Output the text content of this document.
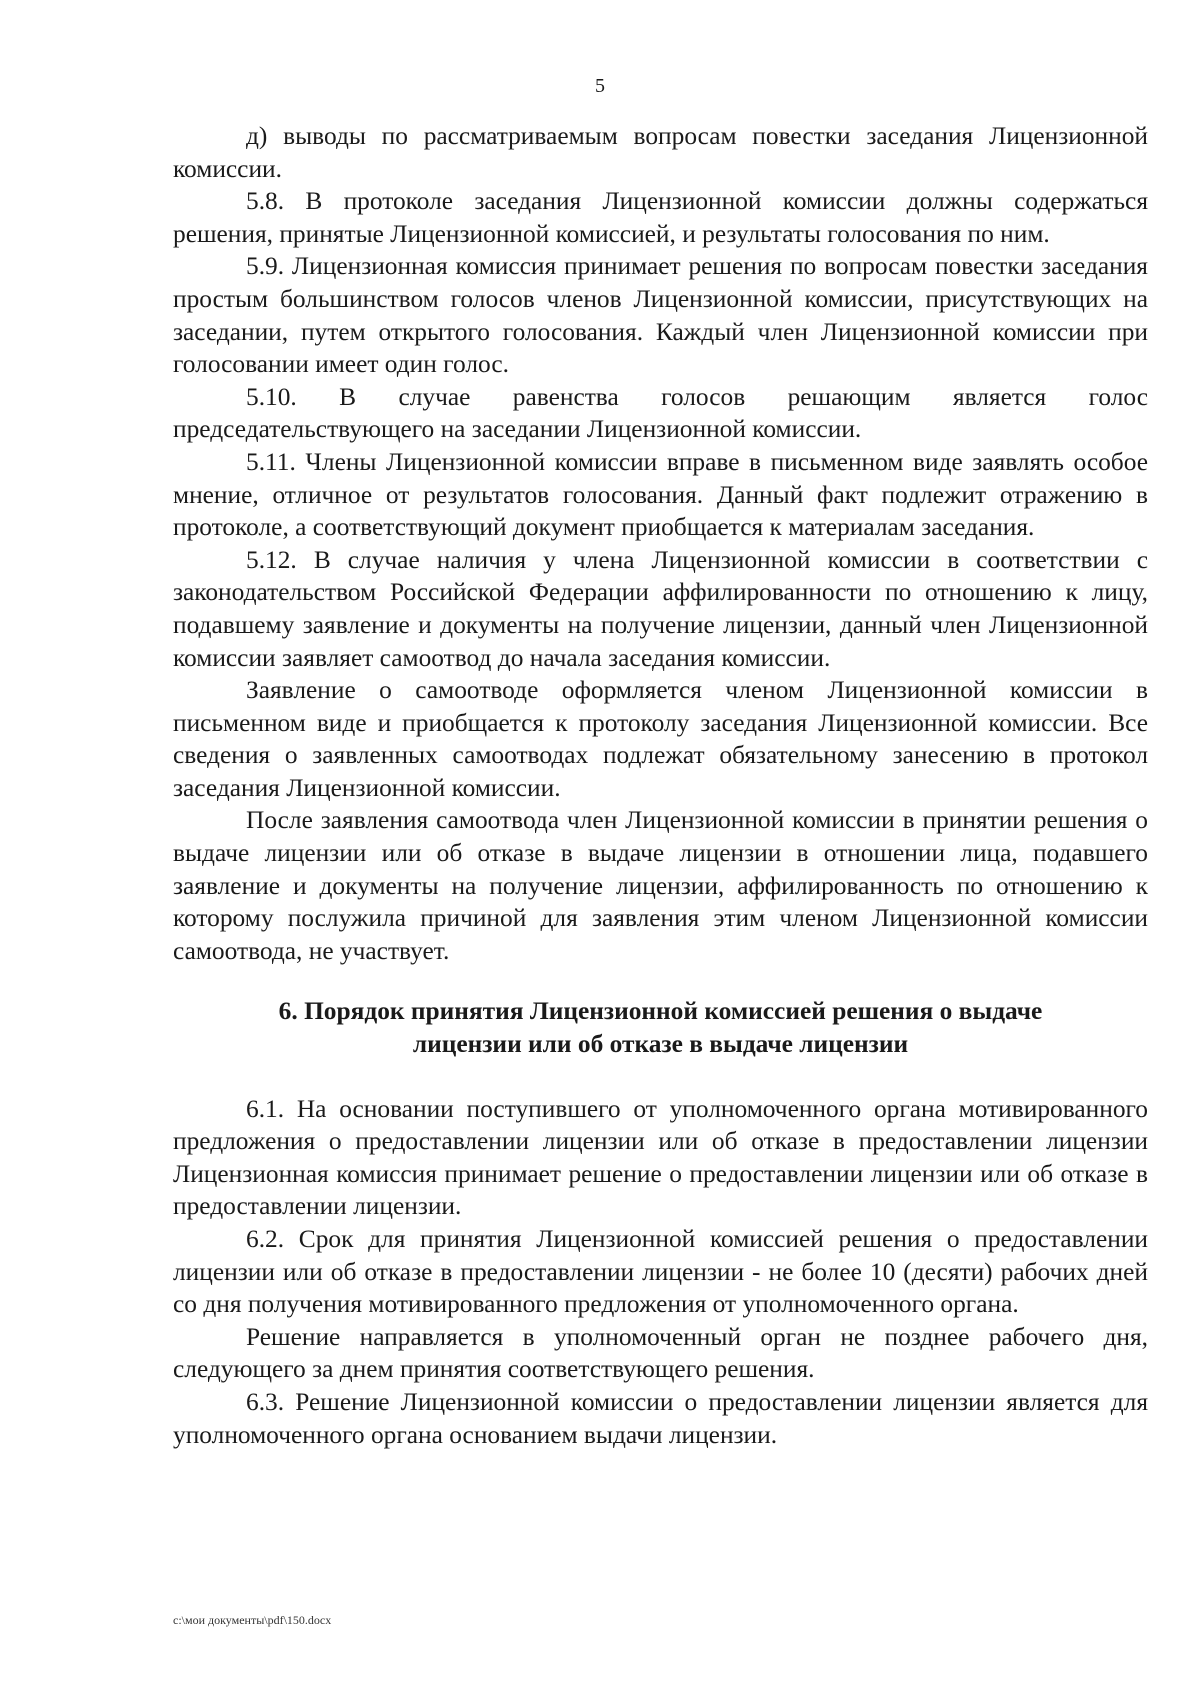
5

д) выводы по рассматриваемым вопросам повестки заседания Лицензионной комиссии.

5.8. В протоколе заседания Лицензионной комиссии должны содержаться решения, принятые Лицензионной комиссией, и результаты голосования по ним.

5.9. Лицензионная комиссия принимает решения по вопросам повестки заседания простым большинством голосов членов Лицензионной комиссии, присутствующих на заседании, путем открытого голосования. Каждый член Лицензионной комиссии при голосовании имеет один голос.

5.10. В случае равенства голосов решающим является голос председательствующего на заседании Лицензионной комиссии.

5.11. Члены Лицензионной комиссии вправе в письменном виде заявлять особое мнение, отличное от результатов голосования. Данный факт подлежит отражению в протоколе, а соответствующий документ приобщается к материалам заседания.

5.12. В случае наличия у члена Лицензионной комиссии в соответствии с законодательством Российской Федерации аффилированности по отношению к лицу, подавшему заявление и документы на получение лицензии, данный член Лицензионной комиссии заявляет самоотвод до начала заседания комиссии.

Заявление о самоотводе оформляется членом Лицензионной комиссии в письменном виде и приобщается к протоколу заседания Лицензионной комиссии. Все сведения о заявленных самоотводах подлежат обязательному занесению в протокол заседания Лицензионной комиссии.

После заявления самоотвода член Лицензионной комиссии в принятии решения о выдаче лицензии или об отказе в выдаче лицензии в отношении лица, подавшего заявление и документы на получение лицензии, аффилированность по отношению к которому послужила причиной для заявления этим членом Лицензионной комиссии самоотвода, не участвует.

6. Порядок принятия Лицензионной комиссией решения о выдаче лицензии или об отказе в выдаче лицензии

6.1. На основании поступившего от уполномоченного органа мотивированного предложения о предоставлении лицензии или об отказе в предоставлении лицензии Лицензионная комиссия принимает решение о предоставлении лицензии или об отказе в предоставлении лицензии.

6.2. Срок для принятия Лицензионной комиссией решения о предоставлении лицензии или об отказе в предоставлении лицензии - не более 10 (десяти) рабочих дней со дня получения мотивированного предложения от уполномоченного органа.

Решение направляется в уполномоченный орган не позднее рабочего дня, следующего за днем принятия соответствующего решения.

6.3. Решение Лицензионной комиссии о предоставлении лицензии является для уполномоченного органа основанием выдачи лицензии.

c:\мои документы\pdf\150.docx
